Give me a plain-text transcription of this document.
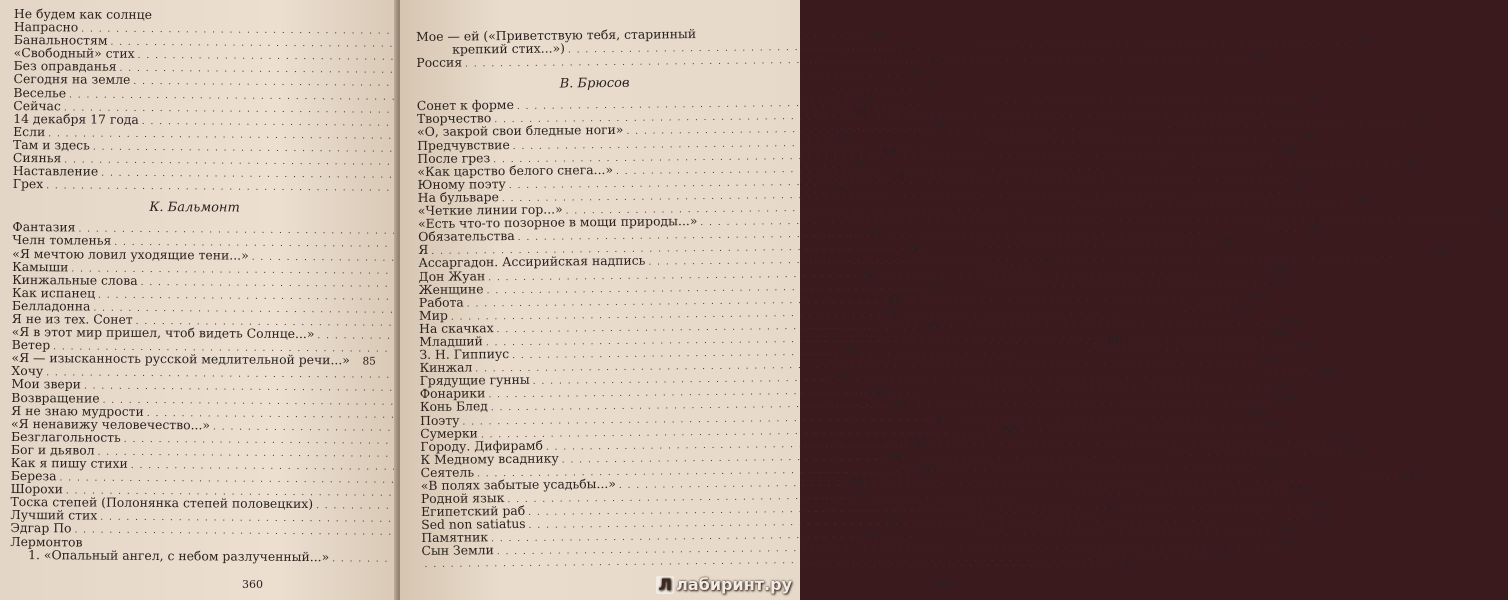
Не будем как солнце
Напрасно . . .	69
Банальностям . . .	70
«Свободный» стих . . .	71
Без оправданья . . .	72
Сегодня на земле . . .	73
Веселье . . .	73
Сейчас . . .	74
14 декабря 17 года . . .	74
Если . . .	75
Там и здесь . . .	76
Сиянья . . .	76
Наставление . . .	77
Грех . . .	77
К. Бальмонт
Фантазия . . .	78
Челн томленья . . .	79
«Я мечтою ловил уходящие тени...» . . .	79
Камыши . . .	80
Кинжальные слова . . .	81
Как испанец . . .	82
Белладонна . . .	83
Я не из тех. Сонет . . .	83
«Я в этот мир пришел, чтоб видеть Солнце...» . . .	84
Ветер . . .	84
«Я — изысканность русской медлительной речи...» . . .	85
Хочу . . .	85
Мои звери . . .	86
Возвращение . . .	87
Я не знаю мудрости . . .	87
«Я ненавижу человечество...» . . .	88
Безглагольность . . .	88
Бог и дьявол . . .	89
Как я пишу стихи . . .	90
Береза . . .	90
Шорохи . . .	91
Тоска степей (Полонянка степей половецких) . . .	91
Лучший стих . . .	91
Эдгар По . . .	92
Лермонтов
1. «Опальный ангел, с небом разлученный...» . . .	92
360
Мое — ей («Приветствую тебя, старинный
крепкий стих...») . . .	93
Россия . . .	93
В. Брюсов
Сонет к форме . . .	94
Творчество . . .	95
«О, закрой свои бледные ноги» . . .	95
Предчувствие . . .	96
После грез . . .	96
«Как царство белого снега...» . . .	96
Юному поэту . . .	97
На бульваре . . .	97
«Четкие линии гор...» . . .	98
«Есть что-то позорное в мощи природы...» . . .	98
Обязательства . . .	98
Я . . .	99
Ассаргадон. Ассирийская надпись . . .	100
Дон Жуан . . .	100
Женщине . . .	101
Работа . . .	101
Мир . . .	102
На скачках . . .	104
Младший . . .	105
З. Н. Гиппиус . . .	105
Кинжал . . .	106
Грядущие гунны . . .	106
Фонарики . . .	107
Конь Блед . . .	108
Поэту . . .	109
Сумерки . . .	111
Городу. Дифирамб . . .	111
К Медному всаднику . . .	112
Сеятель . . .	113
«В полях забытые усадьбы...» . . .	114
Родной язык . . .	114
Египетский раб . . .	115
Sed non satiatus . . .	116
Памятник . . .	116
Сын Земли . . .	117
. . .
118
361
Л лабиринт.ру
